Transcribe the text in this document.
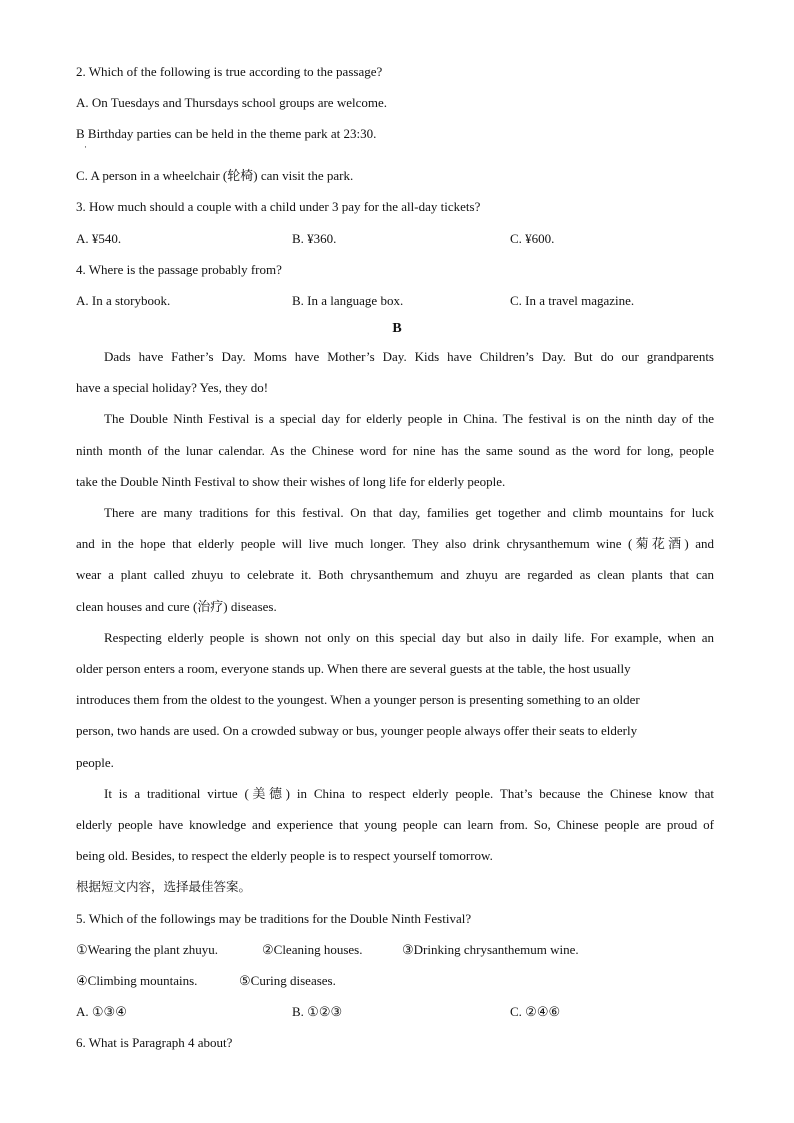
2. Which of the following is true according to the passage?
A. On Tuesdays and Thursdays school groups are welcome.
B Birthday parties can be held in the theme park at 23:30.
·
C. A person in a wheelchair (轮椅) can visit the park.
3. How much should a couple with a child under 3 pay for the all-day tickets?
A. ¥540.	B. ¥360.	C. ¥600.
4. Where is the passage probably from?
A. In a storybook.	B. In a language box.	C. In a travel magazine.
B
Dads have Father’s Day. Moms have Mother’s Day. Kids have Children’s Day. But do our grandparents
have a special holiday? Yes, they do!
The Double Ninth Festival is a special day for elderly people in China. The festival is on the ninth day of the
ninth month of the lunar calendar. As the Chinese word for nine has the same sound as the word for long, people
take the Double Ninth Festival to show their wishes of long life for elderly people.
There are many traditions for this festival. On that day, families get together and climb mountains for luck
and in the hope that elderly people will live much longer. They also drink chrysanthemum wine (菊花酒) and
wear a plant called zhuyu to celebrate it. Both chrysanthemum and zhuyu are regarded as clean plants that can
clean houses and cure (治疗) diseases.
Respecting elderly people is shown not only on this special day but also in daily life. For example, when an
older person enters a room, everyone stands up. When there are several guests at the table, the host usually
introduces them from the oldest to the youngest. When a younger person is presenting something to an older
person, two hands are used. On a crowded subway or bus, younger people always offer their seats to elderly
people.
It is a traditional virtue (美德) in China to respect elderly people. That’s because the Chinese know that
elderly people have knowledge and experience that young people can learn from. So, Chinese people are proud of
being old. Besides, to respect the elderly people is to respect yourself tomorrow.
根据短文内容，选择最佳答案。
5. Which of the followings may be traditions for the Double Ninth Festival?
①Wearing the plant zhuyu.	②Cleaning houses.	③Drinking chrysanthemum wine.
④Climbing mountains.	⑤Curing diseases.
A. ①③④	B. ①②③	C. ②④⑥
6. What is Paragraph 4 about?
